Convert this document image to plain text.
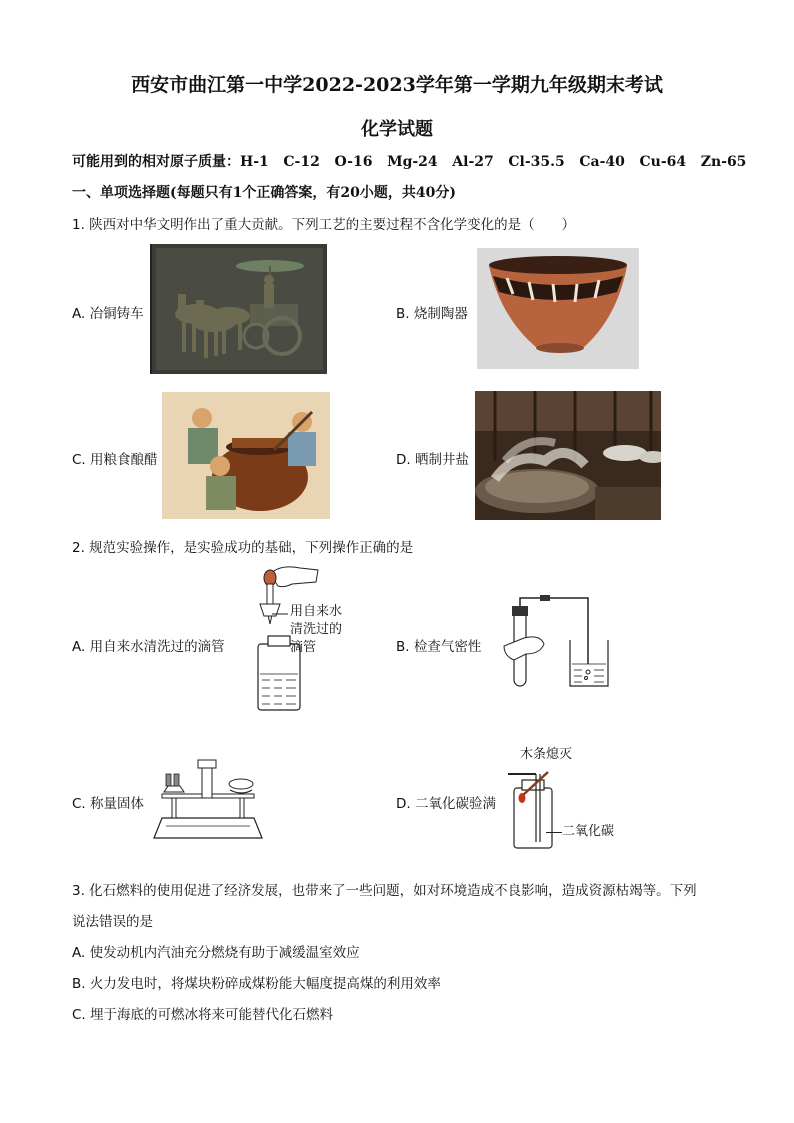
西安市曲江第一中学2022-2023学年第一学期九年级期末考试
化学试题
可能用到的相对原子质量：H-1   C-12   O-16   Mg-24   Al-27   Cl-35.5   Ca-40   Cu-64   Zn-65
一、单项选择题(每题只有1个正确答案，有20小题，共40分)
1. 陕西对中华文明作出了重大贡献。下列工艺的主要过程不含化学变化的是（　　）
A. 冶铜铸车	B. 烧制陶器
C. 用粮食酿醋	D. 晒制井盐
2. 规范实验操作，是实验成功的基础，下列操作正确的是
A. 用自来水清洗过的滴管
用自来水
清洗过的
滴管	B. 检查气密性
C. 称量固体	D. 二氧化碳验满
木条熄灭
二氧化碳
3. 化石燃料的使用促进了经济发展，也带来了一些问题，如对环境造成不良影响，造成资源枯竭等。下列
说法错误的是
A. 使发动机内汽油充分燃烧有助于减缓温室效应
B. 火力发电时，将煤块粉碎成煤粉能大幅度提高煤的利用效率
C. 埋于海底的可燃冰将来可能替代化石燃料
